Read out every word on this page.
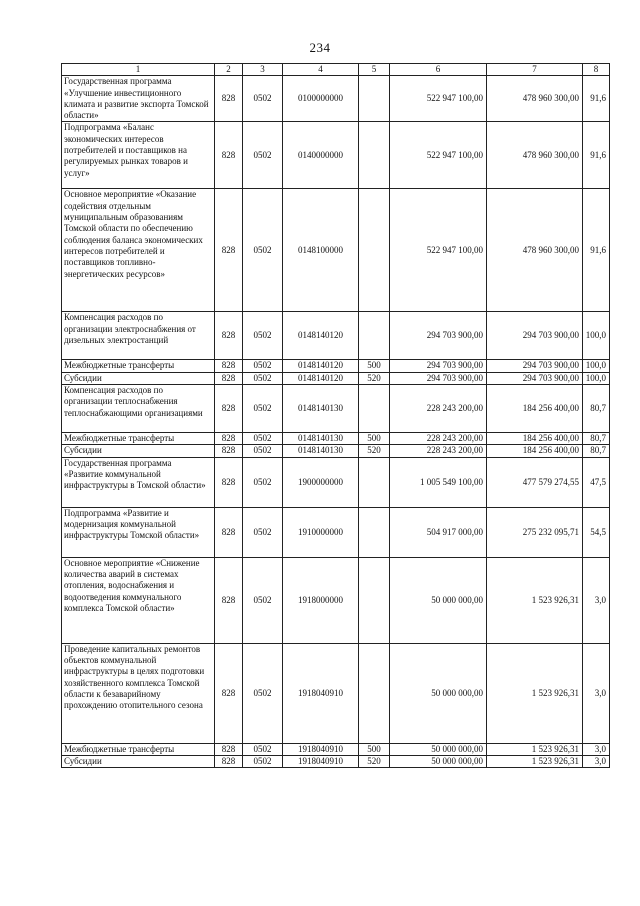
234
1	2	3	4	5	6	7	8
Государственная программа «Улучшение инвестиционного климата и развитие экспорта Томской области»	828	0502	0100000000		522 947 100,00	478 960 300,00	91,6
Подпрограмма «Баланс экономических интересов потребителей и поставщиков на регулируемых рынках товаров и услуг»	828	0502	0140000000		522 947 100,00	478 960 300,00	91,6
Основное мероприятие «Оказание содействия отдельным муниципальным образованиям Томской области по обеспечению соблюдения баланса экономических интересов потребителей и поставщиков топливно-энергетических ресурсов»	828	0502	0148100000		522 947 100,00	478 960 300,00	91,6
Компенсация расходов по организации электроснабжения от дизельных электростанций	828	0502	0148140120		294 703 900,00	294 703 900,00	100,0
Межбюджетные трансферты	828	0502	0148140120	500	294 703 900,00	294 703 900,00	100,0
Субсидии	828	0502	0148140120	520	294 703 900,00	294 703 900,00	100,0
Компенсация расходов по организации теплоснабжения теплоснабжающими организациями	828	0502	0148140130		228 243 200,00	184 256 400,00	80,7
Межбюджетные трансферты	828	0502	0148140130	500	228 243 200,00	184 256 400,00	80,7
Субсидии	828	0502	0148140130	520	228 243 200,00	184 256 400,00	80,7
Государственная программа «Развитие коммунальной инфраструктуры в Томской области»	828	0502	1900000000		1 005 549 100,00	477 579 274,55	47,5
Подпрограмма «Развитие и модернизация коммунальной инфраструктуры Томской области»	828	0502	1910000000		504 917 000,00	275 232 095,71	54,5
Основное мероприятие «Снижение количества аварий в системах отопления, водоснабжения и водоотведения коммунального комплекса Томской области»	828	0502	1918000000		50 000 000,00	1 523 926,31	3,0
Проведение капитальных ремонтов объектов коммунальной инфраструктуры в целях подготовки хозяйственного комплекса Томской области к безаварийному прохождению отопительного сезона	828	0502	1918040910		50 000 000,00	1 523 926,31	3,0
Межбюджетные трансферты	828	0502	1918040910	500	50 000 000,00	1 523 926,31	3,0
Субсидии	828	0502	1918040910	520	50 000 000,00	1 523 926,31	3,0
